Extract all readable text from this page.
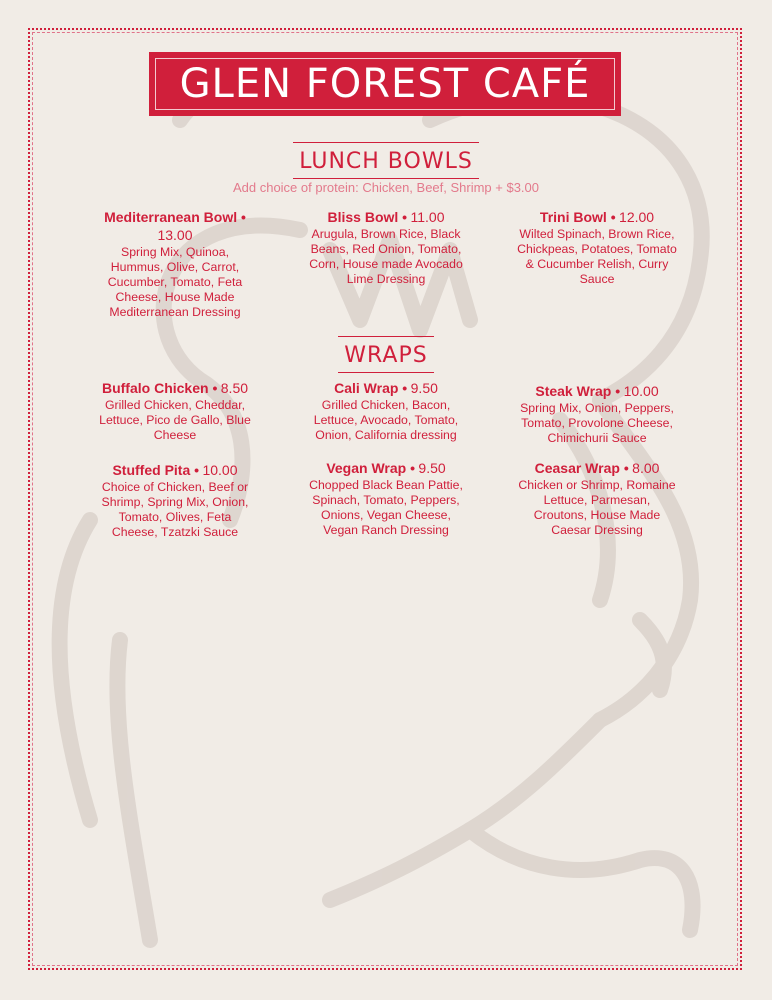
GLEN FOREST CAFÉ
LUNCH BOWLS
Add choice of protein: Chicken, Beef, Shrimp + $3.00
Mediterranean Bowl •
13.00
Spring Mix, Quinoa, Hummus, Olive, Carrot, Cucumber, Tomato, Feta Cheese, House Made Mediterranean Dressing
Bliss Bowl • 11.00
Arugula, Brown Rice, Black Beans, Red Onion, Tomato, Corn, House made Avocado Lime Dressing
Trini Bowl • 12.00
Wilted Spinach, Brown Rice, Chickpeas, Potatoes, Tomato & Cucumber Relish, Curry Sauce
WRAPS
Buffalo Chicken • 8.50
Grilled Chicken, Cheddar, Lettuce, Pico de Gallo, Blue Cheese
Cali Wrap • 9.50
Grilled Chicken, Bacon, Lettuce, Avocado, Tomato, Onion, California dressing
Steak Wrap • 10.00
Spring Mix, Onion, Peppers, Tomato, Provolone Cheese, Chimichurii Sauce
Stuffed Pita • 10.00
Choice of Chicken, Beef or Shrimp, Spring Mix, Onion, Tomato, Olives, Feta Cheese, Tzatzki Sauce
Vegan Wrap • 9.50
Chopped Black Bean Pattie, Spinach, Tomato, Peppers, Onions, Vegan Cheese, Vegan Ranch Dressing
Ceasar Wrap • 8.00
Chicken or Shrimp, Romaine Lettuce, Parmesan, Croutons, House Made Caesar Dressing
